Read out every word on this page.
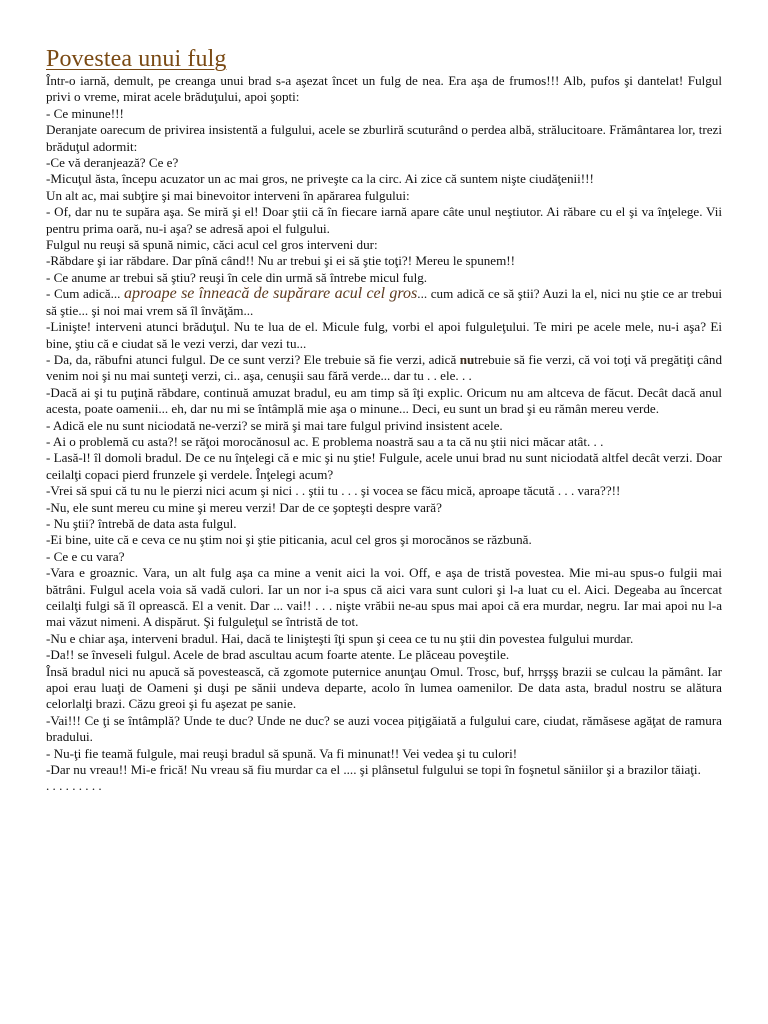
Povestea unui fulg

Într-o iarnă, demult, pe creanga unui brad s-a aşezat încet un fulg de nea. Era aşa de frumos!!! Alb, pufos şi dantelat! Fulgul privi o vreme, mirat acele brăduţului, apoi şopti:

- Ce minune!!!

Deranjate oarecum de privirea insistentă a fulgului, acele se zburliră scuturând o perdea albă, strălucitoare. Frământarea lor, trezi brăduţul adormit:

-Ce vă deranjează? Ce e?

-Micuţul ăsta, începu acuzator un ac mai gros, ne priveşte ca la circ. Ai zice că suntem nişte ciudăţenii!!!

Un alt ac, mai subţire şi mai binevoitor interveni în apărarea fulgului:

- Of, dar nu te supăra aşa. Se miră şi el! Doar ştii că în fiecare iarnă apare câte unul neştiutor. Ai răbare cu el şi va înţelege. Vii pentru prima oară, nu-i aşa? se adresă apoi el fulgului.

Fulgul nu reuşi să spună nimic, căci acul cel gros interveni dur:

-Răbdare şi iar răbdare. Dar pînă când!! Nu ar trebui şi ei să ştie toţi?! Mereu le spunem!!

- Ce anume ar trebui să ştiu? reuşi în cele din urmă să întrebe micul fulg.

- Cum adică... aproape se înneacă de supărare acul cel gros... cum adică ce să ştii? Auzi la el, nici nu ştie ce ar trebui să ştie... şi noi mai vrem să îl învăţăm...

-Linişte! interveni atunci brăduţul. Nu te lua de el. Micule fulg, vorbi el apoi fulguleţului. Te miri pe acele mele, nu-i aşa? Ei bine, ştiu că e ciudat să le vezi verzi, dar vezi tu...

- Da, da, răbufni atunci fulgul. De ce sunt verzi? Ele trebuie să fie verzi, adică nutrebuie să fie verzi, că voi toţi vă pregătiţi când venim noi şi nu mai sunteţi verzi, ci.. aşa, cenuşii sau fără verde... dar tu . . ele. . .

-Dacă ai şi tu puţină răbdare, continuă amuzat bradul, eu am timp să îţi explic. Oricum nu am altceva de făcut. Decât dacă anul acesta, poate oamenii... eh, dar nu mi se întâmplă mie aşa o minune... Deci, eu sunt un brad şi eu rămân mereu verde.

- Adică ele nu sunt niciodată ne-verzi? se miră şi mai tare fulgul privind insistent acele.

- Ai o problemă cu asta?! se răţoi morocănosul ac. E problema noastră sau a ta că nu ştii nici măcar atât. . .

- Lasă-l! îl domoli bradul. De ce nu înţelegi că e mic şi nu ştie! Fulgule, acele unui brad nu sunt niciodată altfel decât verzi. Doar ceilalţi copaci pierd frunzele şi verdele. Înţelegi acum?

-Vrei să spui că tu nu le pierzi nici acum şi nici . . ştii tu . . . şi vocea se făcu mică, aproape tăcută . . . vara??!!

-Nu, ele sunt mereu cu mine şi mereu verzi! Dar de ce şopteşti despre vară?

- Nu ştii? întrebă de data asta fulgul.

-Ei bine, uite că e ceva ce nu ştim noi şi ştie piticania, acul cel gros şi morocănos se răzbună.

- Ce e cu vara?

-Vara e groaznic. Vara, un alt fulg aşa ca mine a venit aici la voi. Off, e aşa de tristă povestea. Mie mi-au spus-o fulgii mai bătrâni. Fulgul acela voia să vadă culori. Iar un nor i-a spus că aici vara sunt culori şi l-a luat cu el. Aici. Degeaba au încercat ceilalţi fulgi să îl oprească. El a venit. Dar ... vai!! . . . nişte vrăbii ne-au spus mai apoi că era murdar, negru. Iar mai apoi nu l-a mai văzut nimeni. A dispărut. Şi fulguleţul se întristă de tot.

-Nu e chiar aşa, interveni bradul. Hai, dacă te linişteşti îţi spun şi ceea ce tu nu ştii din povestea fulgului murdar.

-Da!! se înveseli fulgul. Acele de brad ascultau acum foarte atente. Le plăceau poveştile.

Însă bradul nici nu apucă să povestească, că zgomote puternice anunţau Omul. Trosc, buf, hrrşşş brazii se culcau la pământ. Iar apoi erau luaţi de Oameni şi duşi pe sănii undeva departe, acolo în lumea oamenilor. De data asta, bradul nostru se alătura celorlalţi brazi. Căzu greoi şi fu aşezat pe sanie.

-Vai!!! Ce ţi se întâmplă? Unde te duc? Unde ne duc? se auzi vocea piţigăiată a fulgului care, ciudat, rămăsese agăţat de ramura bradului.

- Nu-ţi fie teamă fulgule, mai reuşi bradul să spună. Va fi minunat!! Vei vedea şi tu culori!

-Dar nu vreau!! Mi-e frică! Nu vreau să fiu murdar ca el .... şi plânsetul fulgului se topi în foşnetul săniilor şi a brazilor tăiaţi.

. . . . . . . . .
